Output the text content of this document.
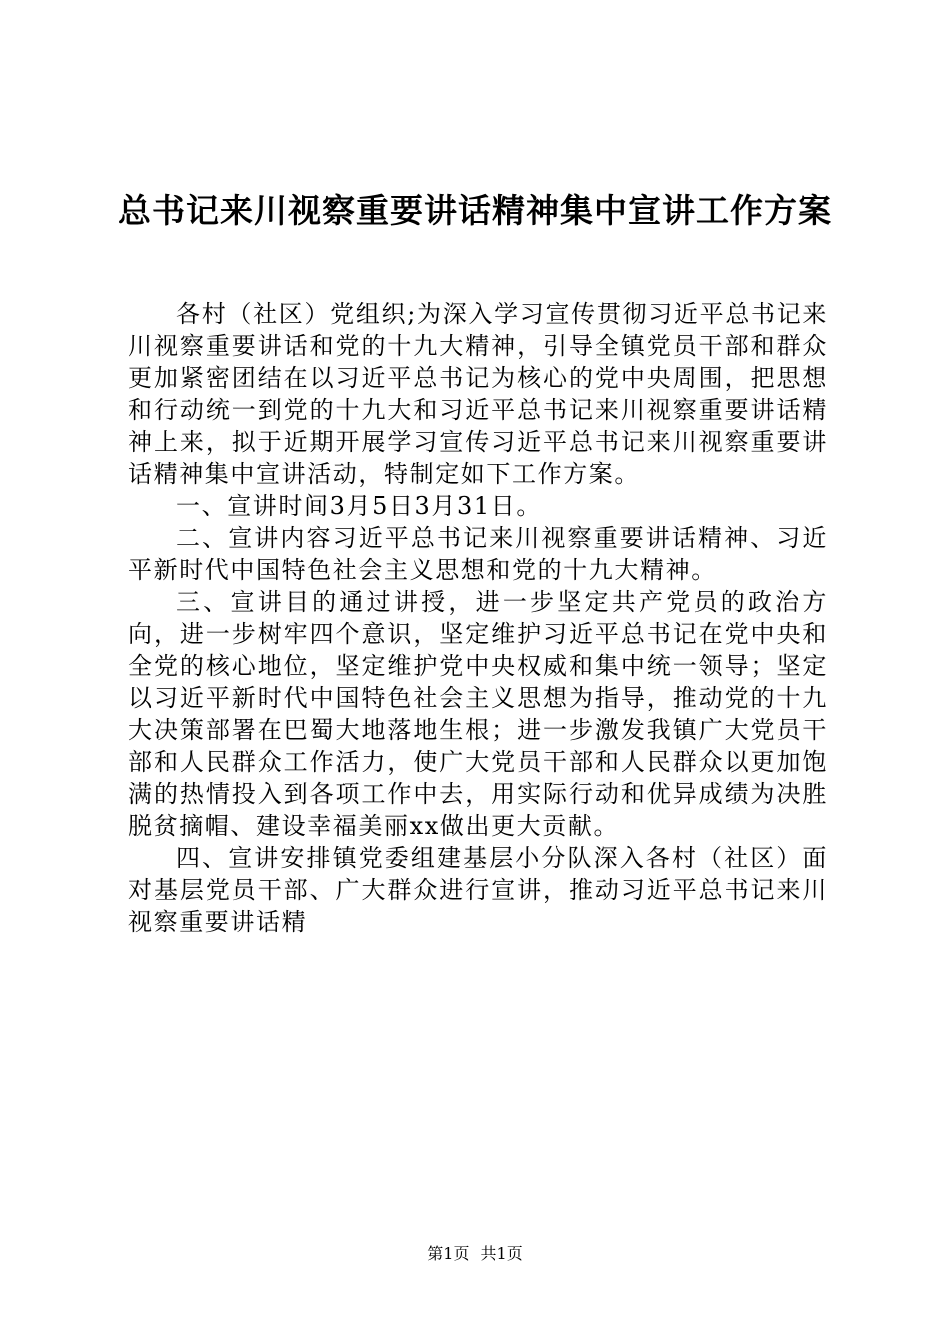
总书记来川视察重要讲话精神集中宣讲工作方案

各村（社区）党组织;为深入学习宣传贯彻习近平总书记来川视察重要讲话和党的十九大精神，引导全镇党员干部和群众更加紧密团结在以习近平总书记为核心的党中央周围，把思想和行动统一到党的十九大和习近平总书记来川视察重要讲话精神上来，拟于近期开展学习宣传习近平总书记来川视察重要讲话精神集中宣讲活动，特制定如下工作方案。

一、宣讲时间3月5日3月31日。

二、宣讲内容习近平总书记来川视察重要讲话精神、习近平新时代中国特色社会主义思想和党的十九大精神。

三、宣讲目的通过讲授，进一步坚定共产党员的政治方向，进一步树牢四个意识，坚定维护习近平总书记在党中央和全党的核心地位，坚定维护党中央权威和集中统一领导；坚定以习近平新时代中国特色社会主义思想为指导，推动党的十九大决策部署在巴蜀大地落地生根；进一步激发我镇广大党员干部和人民群众工作活力，使广大党员干部和人民群众以更加饱满的热情投入到各项工作中去，用实际行动和优异成绩为决胜脱贫摘帽、建设幸福美丽xx做出更大贡献。

四、宣讲安排镇党委组建基层小分队深入各村（社区）面对基层党员干部、广大群众进行宣讲，推动习近平总书记来川视察重要讲话精

第1页 共1页
